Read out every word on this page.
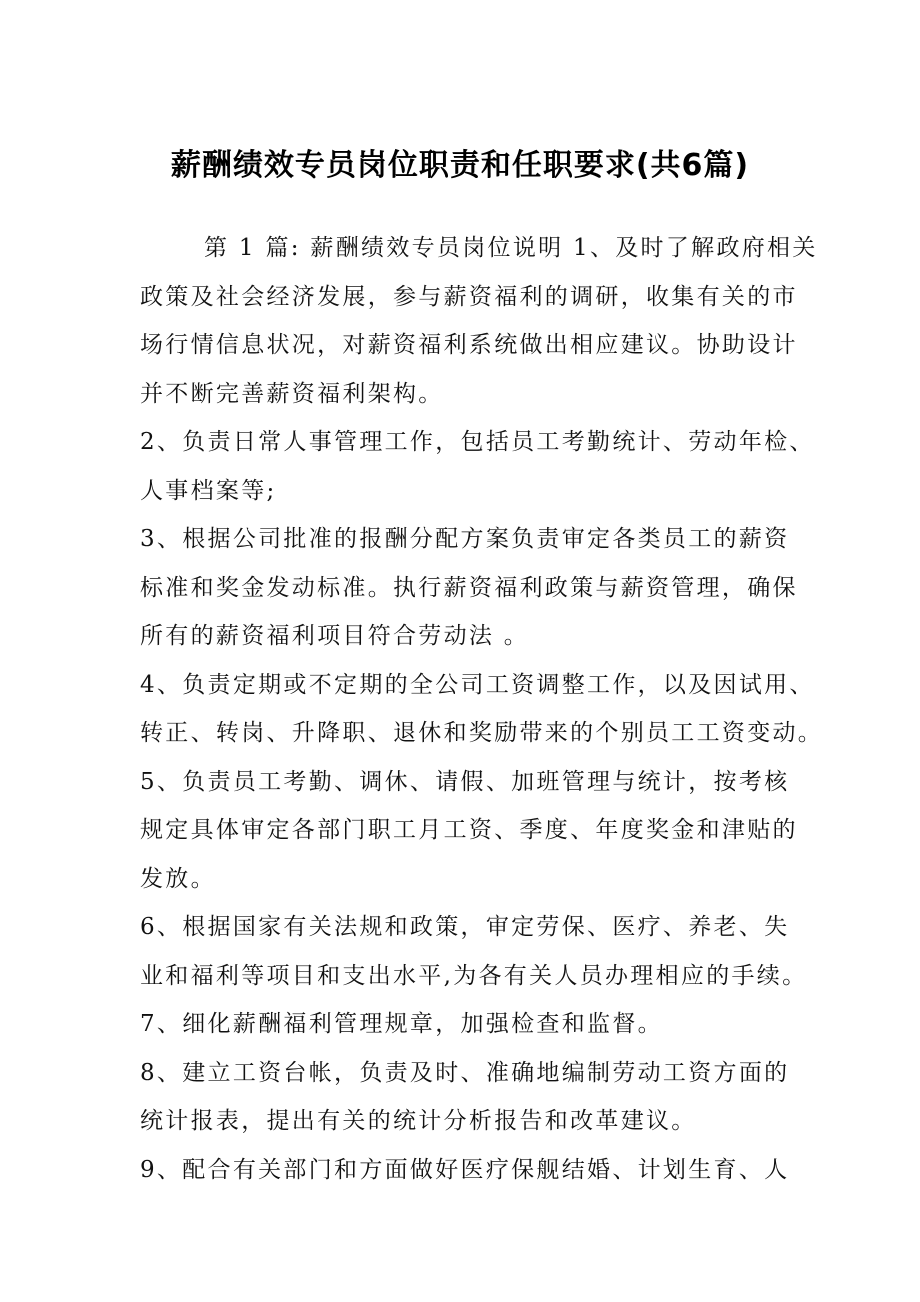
薪酬绩效专员岗位职责和任职要求(共6篇)

第 1 篇: 薪酬绩效专员岗位说明 1、及时了解政府相关
政策及社会经济发展，参与薪资福利的调研，收集有关的市
场行情信息状况，对薪资福利系统做出相应建议。协助设计
并不断完善薪资福利架构。

2、负责日常人事管理工作，包括员工考勤统计、劳动年检、
人事档案等;

3、根据公司批准的报酬分配方案负责审定各类员工的薪资
标准和奖金发动标准。执行薪资福利政策与薪资管理，确保
所有的薪资福利项目符合劳动法 。

4、负责定期或不定期的全公司工资调整工作，以及因试用、
转正、转岗、升降职、退休和奖励带来的个别员工工资变动。

5、负责员工考勤、调休、请假、加班管理与统计，按考核
规定具体审定各部门职工月工资、季度、年度奖金和津贴的
发放。

6、根据国家有关法规和政策，审定劳保、医疗、养老、失
业和福利等项目和支出水平,为各有关人员办理相应的手续。

7、细化薪酬福利管理规章，加强检查和监督。

8、建立工资台帐，负责及时、准确地编制劳动工资方面的
统计报表，提出有关的统计分析报告和改革建议。

9、配合有关部门和方面做好医疗保舰结婚、计划生育、人
